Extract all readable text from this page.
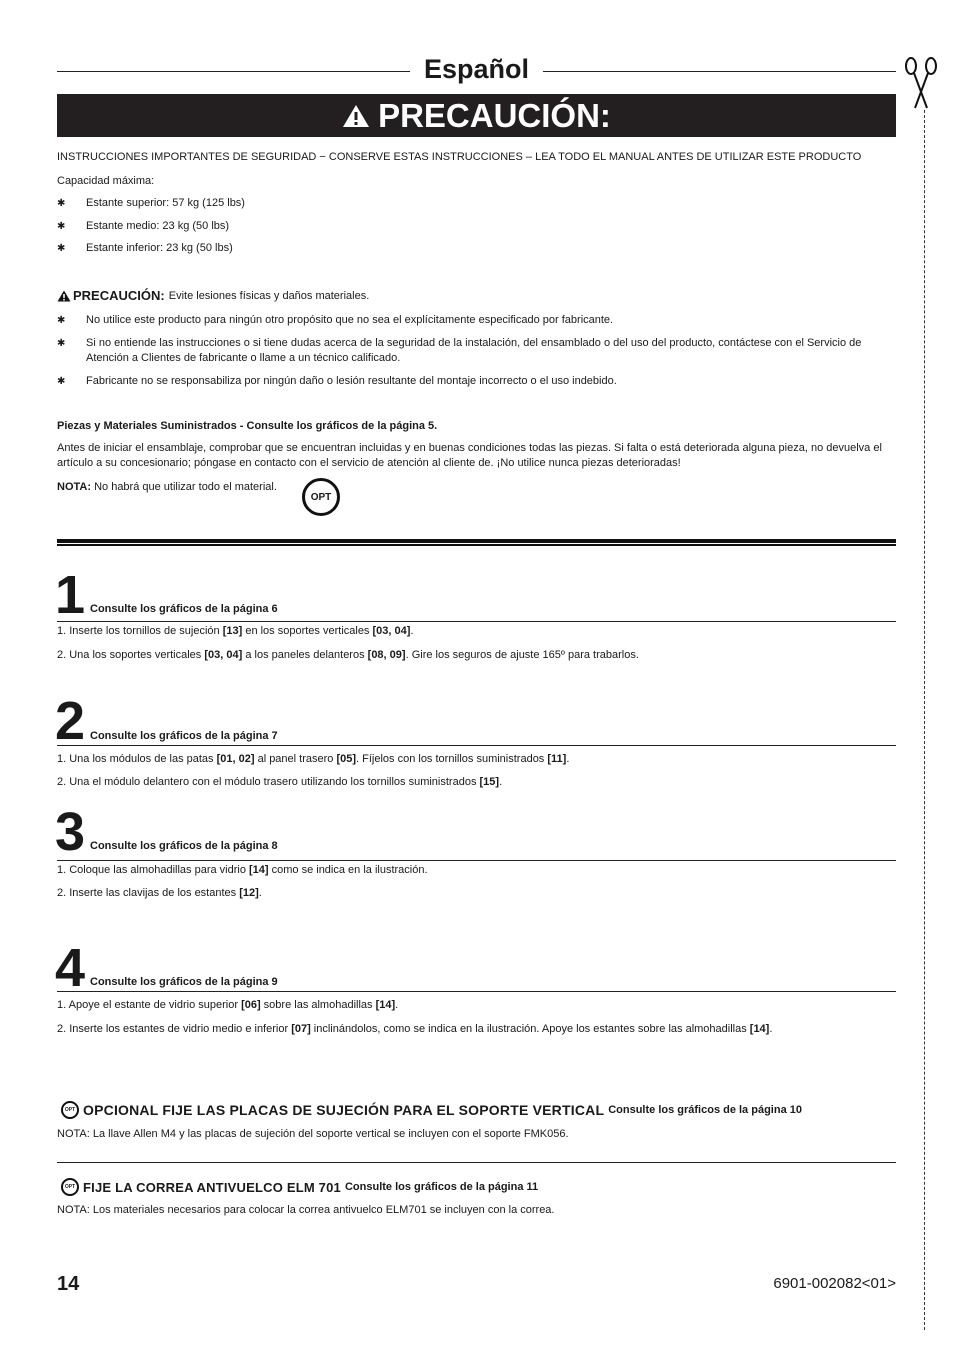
Español
PRECAUCIÓN:
INSTRUCCIONES IMPORTANTES DE SEGURIDAD − CONSERVE ESTAS INSTRUCCIONES – LEA TODO EL MANUAL ANTES DE UTILIZAR ESTE PRODUCTO
Capacidad máxima:
✱	Estante superior: 57 kg (125 lbs)
✱	Estante medio: 23 kg (50 lbs)
✱	Estante inferior: 23 kg (50 lbs)
PRECAUCIÓN: Evite lesiones físicas y daños materiales.
✱	No utilice este producto para ningún otro propósito que no sea el explícitamente especificado por fabricante.
✱	Si no entiende las instrucciones o si tiene dudas acerca de la seguridad de la instalación, del ensamblado o del uso del producto, contáctese con el Servicio de Atención a Clientes de fabricante o llame a un técnico calificado.
✱	Fabricante no se responsabiliza por ningún daño o lesión resultante del montaje incorrecto o el uso indebido.
Piezas y Materiales Suministrados - Consulte los gráficos de la página 5.
Antes de iniciar el ensamblaje, comprobar que se encuentran incluidas y en buenas condiciones todas las piezas. Si falta o está deteriorada alguna pieza, no devuelva el artículo a su concesionario; póngase en contacto con el servicio de atención al cliente de. ¡No utilice nunca piezas deterioradas!
NOTA: No habrá que utilizar todo el material.
OPT
1 Consulte los gráficos de la página 6
1. Inserte los tornillos de sujeción [13] en los soportes verticales [03, 04].
2. Una los soportes verticales [03, 04] a los paneles delanteros [08, 09]. Gire los seguros de ajuste 165º para trabarlos.
2 Consulte los gráficos de la página 7
1. Una los módulos de las patas [01, 02] al panel trasero [05]. Fíjelos con los tornillos suministrados [11].
2. Una el módulo delantero con el módulo trasero utilizando los tornillos suministrados [15].
3 Consulte los gráficos de la página 8
1. Coloque las almohadillas para vidrio [14] como se indica en la ilustración.
2. Inserte las clavijas de los estantes [12].
4 Consulte los gráficos de la página 9
1. Apoye el estante de vidrio superior [06] sobre las almohadillas [14].
2. Inserte los estantes de vidrio medio e inferior [07] inclinándolos, como se indica en la ilustración. Apoye los estantes sobre las almohadillas [14].
OPT OPCIONAL FIJE LAS PLACAS DE SUJECIÓN PARA EL SOPORTE VERTICAL Consulte los gráficos de la página 10
NOTA: La llave Allen M4 y las placas de sujeción del soporte vertical se incluyen con el soporte FMK056.
OPT FIJE LA CORREA ANTIVUELCO ELM 701 Consulte los gráficos de la página 11
NOTA: Los materiales necesarios para colocar la correa antivuelco ELM701 se incluyen con la correa.
14	6901-002082<01>
